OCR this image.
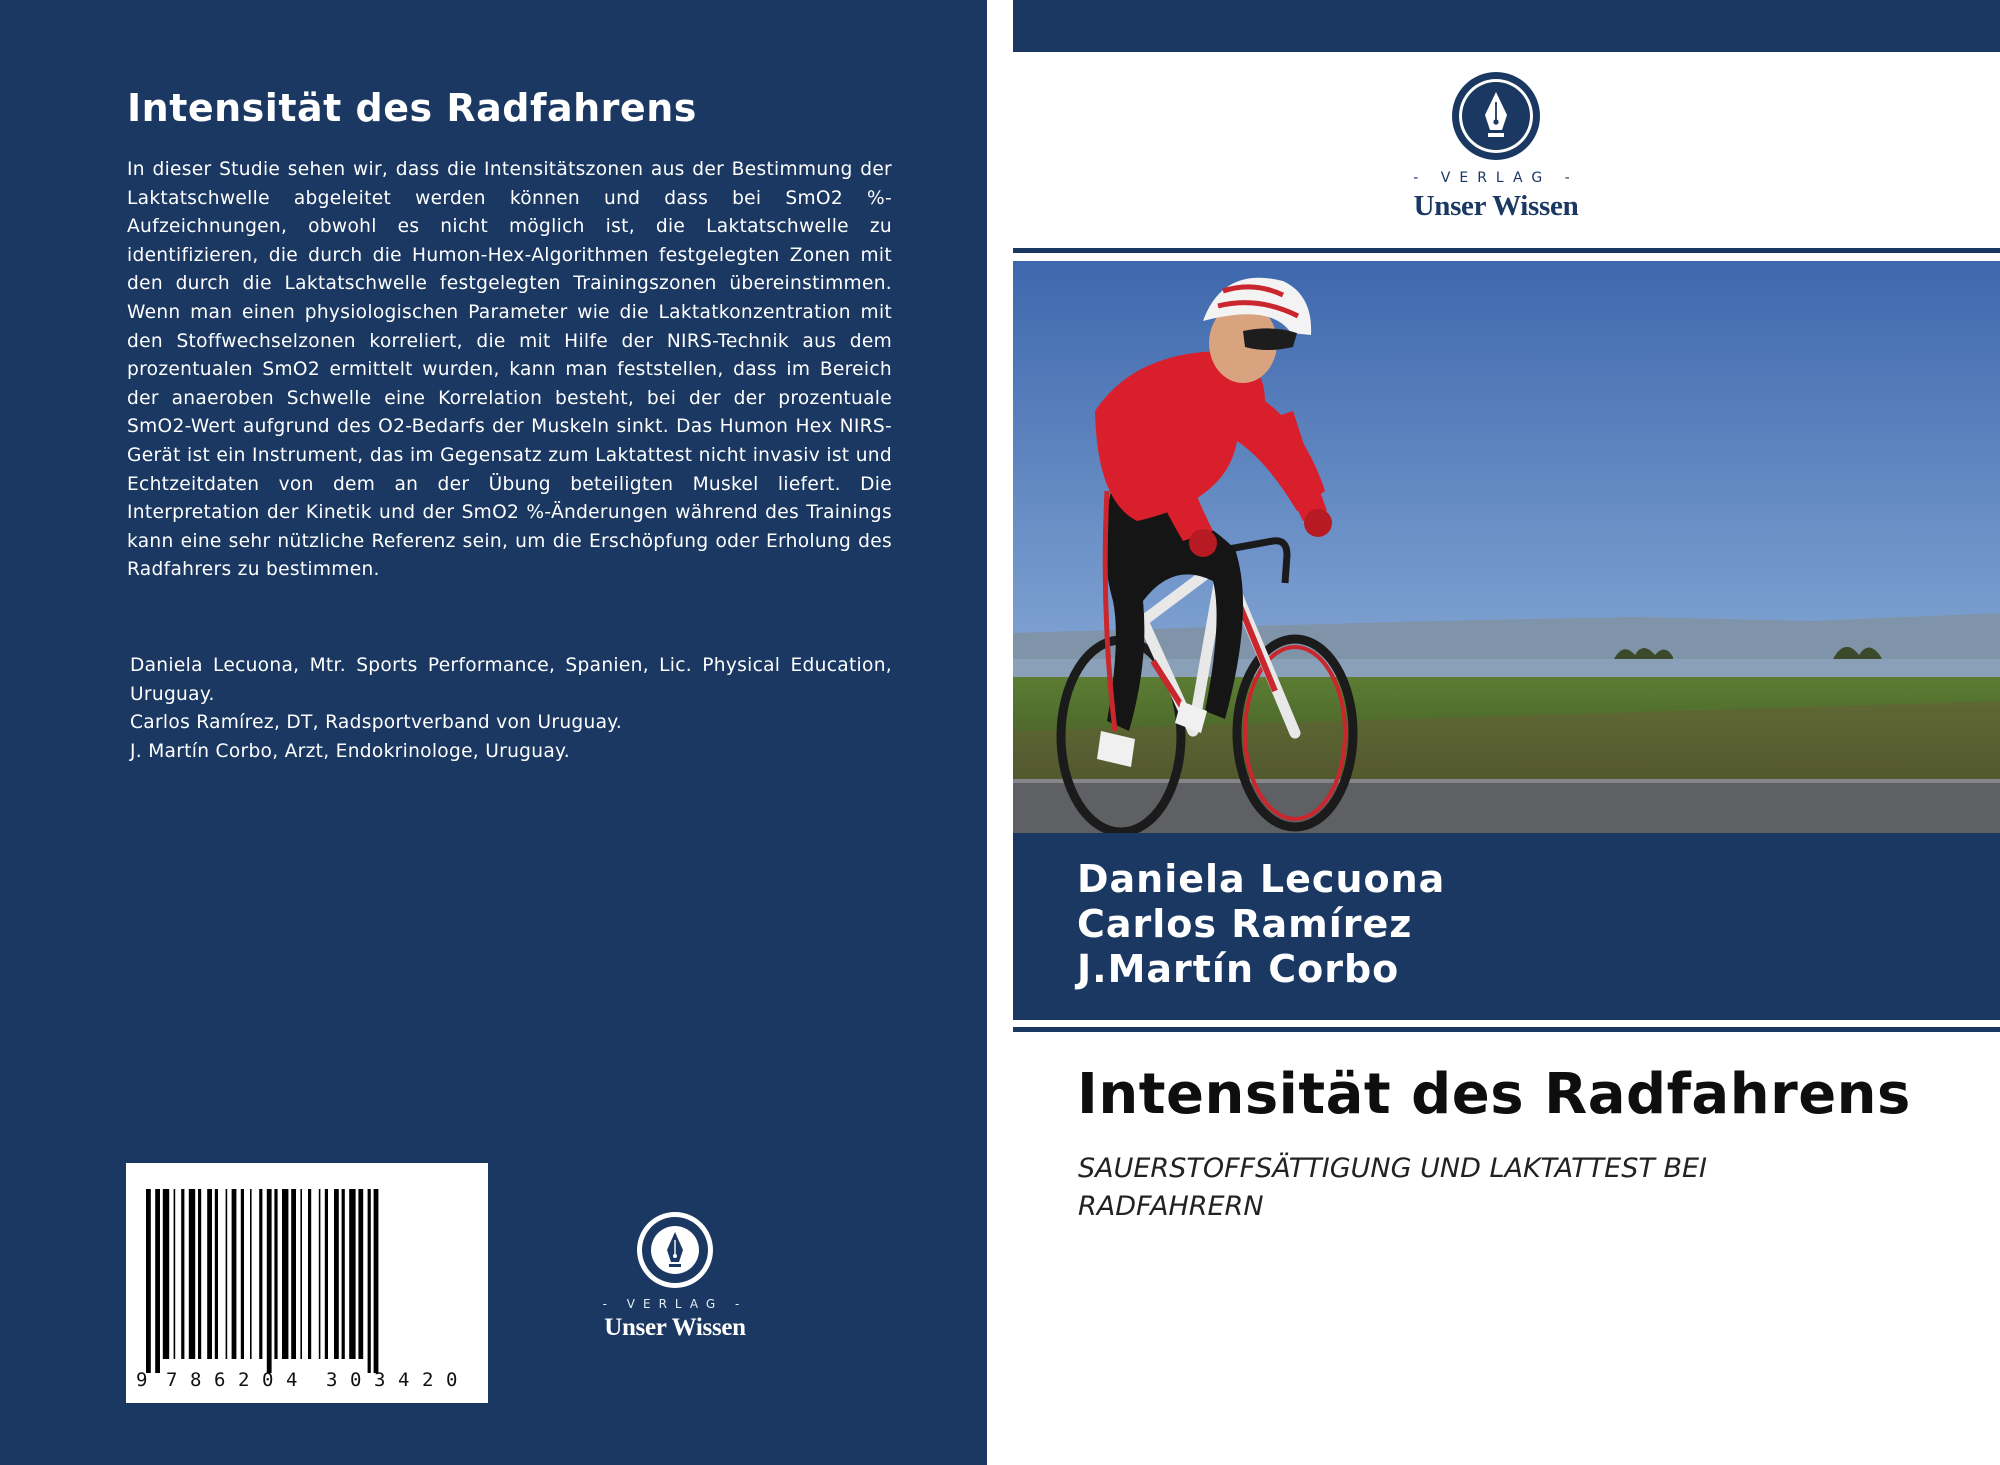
Intensität des Radfahrens

In dieser Studie sehen wir, dass die Intensitätszonen aus der Bestimmung der Laktatschwelle abgeleitet werden können und dass bei SmO2 %-Aufzeichnungen, obwohl es nicht möglich ist, die Laktatschwelle zu identifizieren, die durch die Humon-Hex-Algorithmen festgelegten Zonen mit den durch die Laktatschwelle festgelegten Trainingszonen übereinstimmen. Wenn man einen physiologischen Parameter wie die Laktatkonzentration mit den Stoffwechselzonen korreliert, die mit Hilfe der NIRS-Technik aus dem prozentualen SmO2 ermittelt wurden, kann man feststellen, dass im Bereich der anaeroben Schwelle eine Korrelation besteht, bei der der prozentuale SmO2-Wert aufgrund des O2-Bedarfs der Muskeln sinkt. Das Humon Hex NIRS-Gerät ist ein Instrument, das im Gegensatz zum Laktattest nicht invasiv ist und Echtzeitdaten von dem an der Übung beteiligten Muskel liefert. Die Interpretation der Kinetik und der SmO2 %-Änderungen während des Trainings kann eine sehr nützliche Referenz sein, um die Erschöpfung oder Erholung des Radfahrers zu bestimmen.

Daniela Lecuona, Mtr. Sports Performance, Spanien, Lic. Physical Education, Uruguay.
Carlos Ramírez, DT, Radsportverband von Uruguay.
J. Martín Corbo, Arzt, Endokrinologe, Uruguay.
9 7 8 6 2 0 4 3 0 3 4 2 0
- VERLAG -
Unser Wissen
- VERLAG -
Unser Wissen
Daniela Lecuona
Carlos Ramírez
J.Martín Corbo
Intensität des Radfahrens

SAUERSTOFFSÄTTIGUNG UND LAKTATTEST BEI RADFAHRERN
